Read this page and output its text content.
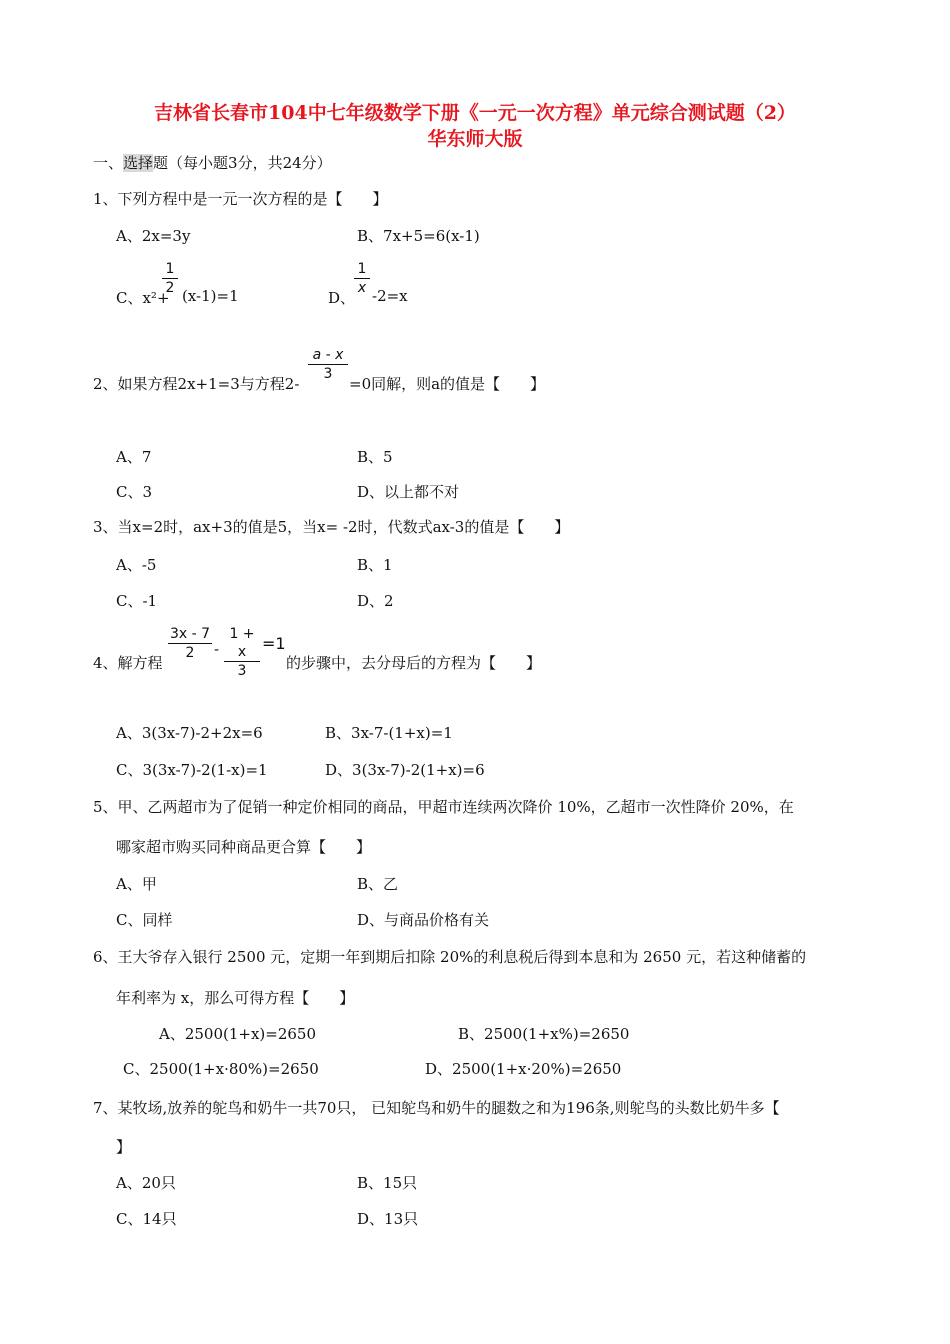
吉林省长春市104中七年级数学下册《一元一次方程》单元综合测试题（2）
华东师大版
一、选择题（每小题3分，共24分）
1、下列方程中是一元一次方程的是【　　】
A、2x=3y	B、7x+5=6(x-1)
C、x²+
1
2 (x-1)=1	D、
1
x -2=x
2、如果方程2x+1=3与方程2-
a - x
3
=0同解，则a的值是【　　】
A、7	B、5
C、3	D、以上都不对
3、当x=2时，ax+3的值是5，当x= -2时，代数式ax-3的值是【　　】
A、-5	B、1
C、-1	D、2
4、解方程
3x - 7
2	-
1 + x
3
=1
的步骤中，去分母后的方程为【　　】
A、3(3x-7)-2+2x=6	B、3x-7-(1+x)=1
C、3(3x-7)-2(1-x)=1	D、3(3x-7)-2(1+x)=6
5、甲、乙两超市为了促销一种定价相同的商品，甲超市连续两次降价 10%，乙超市一次性降价 20%，在
哪家超市购买同种商品更合算【　　】
A、甲	B、乙
C、同样	D、与商品价格有关
6、王大爷存入银行 2500 元，定期一年到期后扣除 20%的利息税后得到本息和为 2650 元，若这种储蓄的
年利率为 x，那么可得方程【　　】
A、2500(1+x)=2650	B、2500(1+x%)=2650
C、2500(1+x·80%)=2650	D、2500(1+x·20%)=2650
7、某牧场,放养的鸵鸟和奶牛一共70只， 已知鸵鸟和奶牛的腿数之和为196条,则鸵鸟的头数比奶牛多【
】
A、20只	B、15只
C、14只	D、13只
